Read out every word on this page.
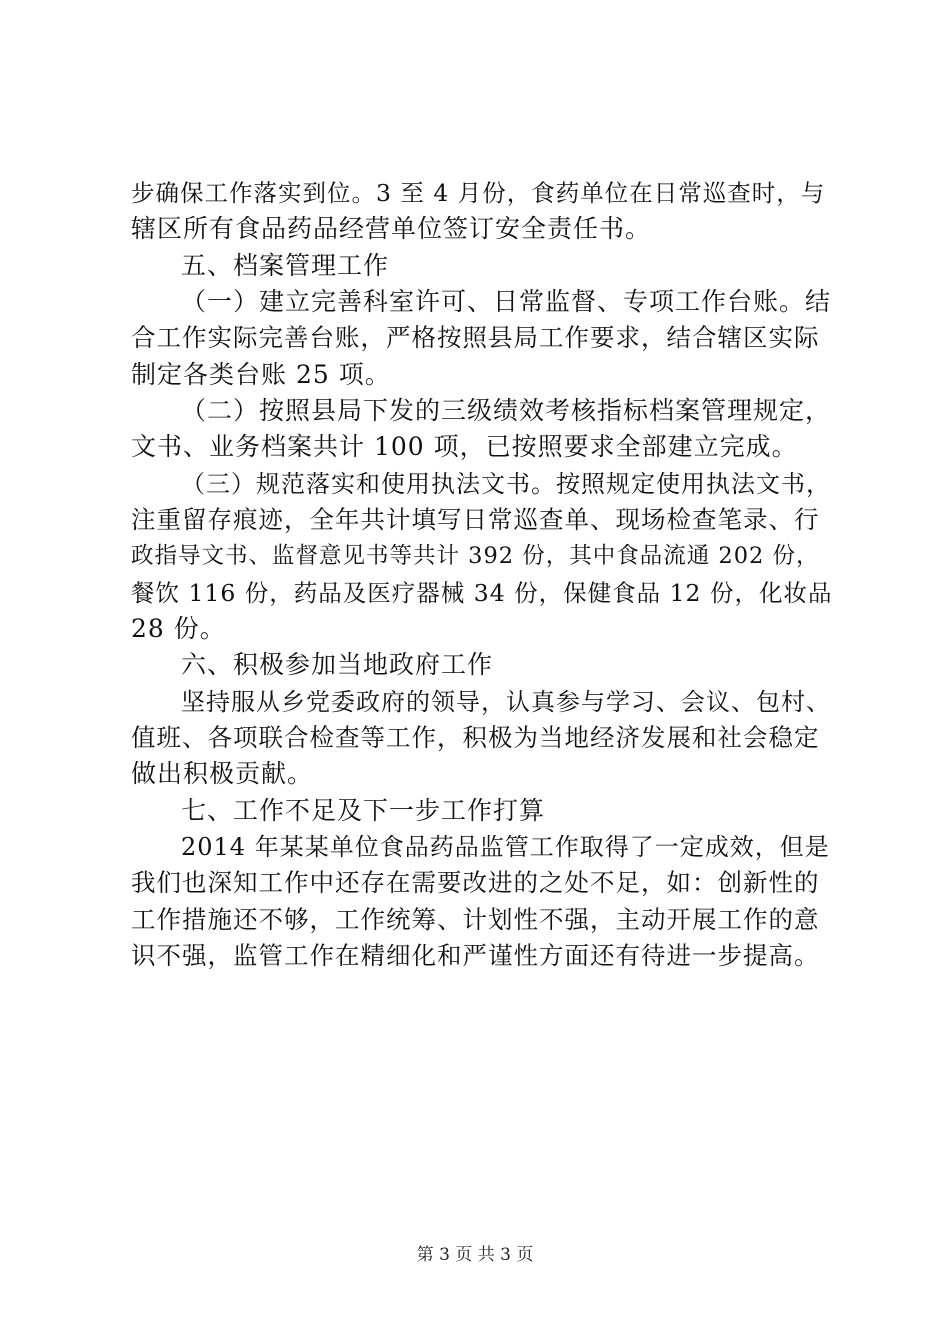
步确保工作落实到位。3 至 4 月份，食药单位在日常巡查时，与
辖区所有食品药品经营单位签订安全责任书。
五、档案管理工作
（一）建立完善科室许可、日常监督、专项工作台账。结
合工作实际完善台账，严格按照县局工作要求，结合辖区实际
制定各类台账 25 项。
（二）按照县局下发的三级绩效考核指标档案管理规定，
文书、业务档案共计 100 项，已按照要求全部建立完成。
（三）规范落实和使用执法文书。按照规定使用执法文书，
注重留存痕迹，全年共计填写日常巡查单、现场检查笔录、行
政指导文书、监督意见书等共计 392 份，其中食品流通 202 份，
餐饮 116 份，药品及医疗器械 34 份，保健食品 12 份，化妆品
28 份。
六、积极参加当地政府工作
坚持服从乡党委政府的领导，认真参与学习、会议、包村、
值班、各项联合检查等工作，积极为当地经济发展和社会稳定
做出积极贡献。
七、工作不足及下一步工作打算
2014 年某某单位食品药品监管工作取得了一定成效，但是
我们也深知工作中还存在需要改进的之处不足，如：创新性的
工作措施还不够，工作统筹、计划性不强，主动开展工作的意
识不强，监管工作在精细化和严谨性方面还有待进一步提高。
第 3 页 共 3 页
